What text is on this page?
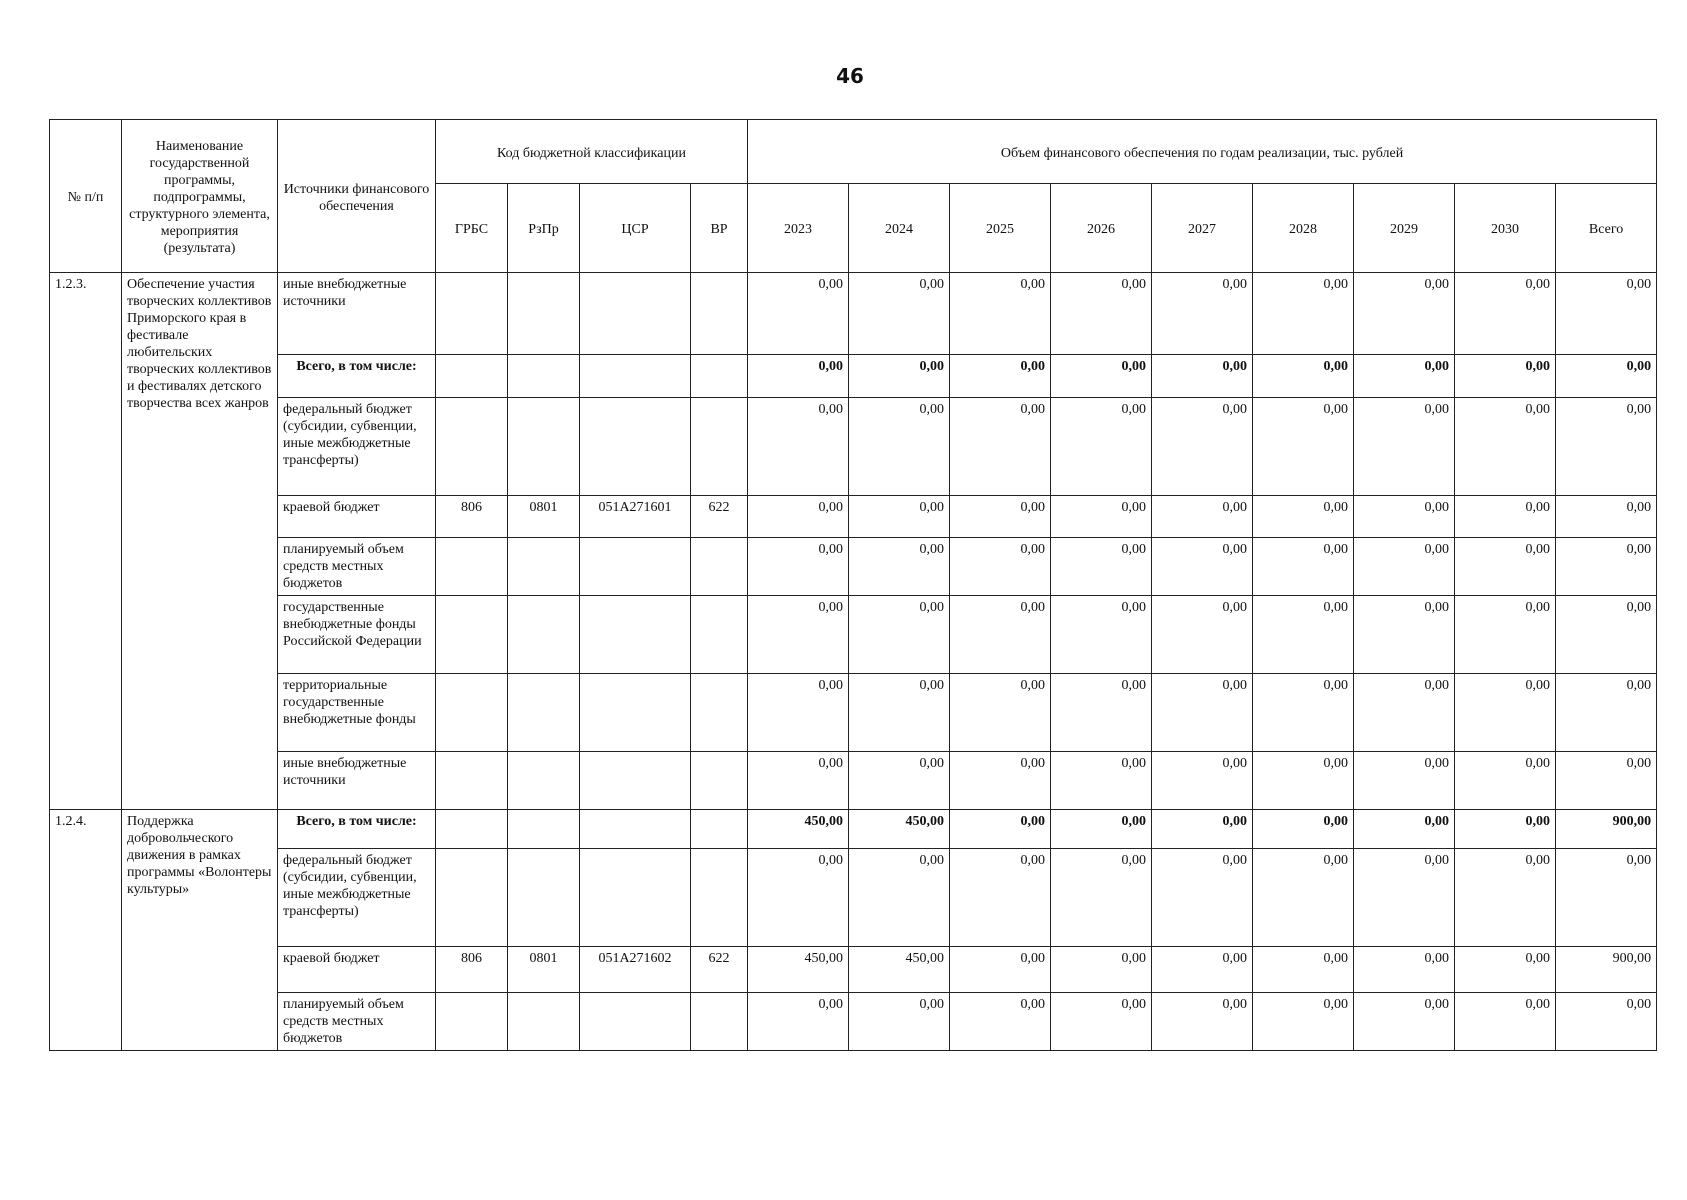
46
№ п/п	Наименование государственной программы, подпрограммы, структурного элемента, мероприятия (результата)	Источники финансового обеспечения	Код бюджетной классификации				Объем финансового обеспечения по годам реализации, тыс. рублей								
			ГРБС	РзПр	ЦСР	ВР	2023	2024	2025	2026	2027	2028	2029	2030	Всего
1.2.3.	Обеспечение участия творческих коллективов Приморского края в фестивале любительских творческих коллективов и фестивалях детского творчества всех жанров	иные внебюджетные источники					0,00	0,00	0,00	0,00	0,00	0,00	0,00	0,00	0,00
		Всего, в том числе:					0,00	0,00	0,00	0,00	0,00	0,00	0,00	0,00	0,00
		федеральный бюджет (субсидии, субвенции, иные межбюджетные трансферты)					0,00	0,00	0,00	0,00	0,00	0,00	0,00	0,00	0,00
		краевой бюджет	806	0801	051А271601	622	0,00	0,00	0,00	0,00	0,00	0,00	0,00	0,00	0,00
		планируемый объем средств местных бюджетов					0,00	0,00	0,00	0,00	0,00	0,00	0,00	0,00	0,00
		государственные внебюджетные фонды Российской Федерации					0,00	0,00	0,00	0,00	0,00	0,00	0,00	0,00	0,00
		территориальные государственные внебюджетные фонды					0,00	0,00	0,00	0,00	0,00	0,00	0,00	0,00	0,00
		иные внебюджетные источники					0,00	0,00	0,00	0,00	0,00	0,00	0,00	0,00	0,00
1.2.4.	Поддержка добровольческого движения в рамках программы «Волонтеры культуры»	Всего, в том числе:					450,00	450,00	0,00	0,00	0,00	0,00	0,00	0,00	900,00
		федеральный бюджет (субсидии, субвенции, иные межбюджетные трансферты)					0,00	0,00	0,00	0,00	0,00	0,00	0,00	0,00	0,00
		краевой бюджет	806	0801	051А271602	622	450,00	450,00	0,00	0,00	0,00	0,00	0,00	0,00	900,00
		планируемый объем средств местных бюджетов					0,00	0,00	0,00	0,00	0,00	0,00	0,00	0,00	0,00
